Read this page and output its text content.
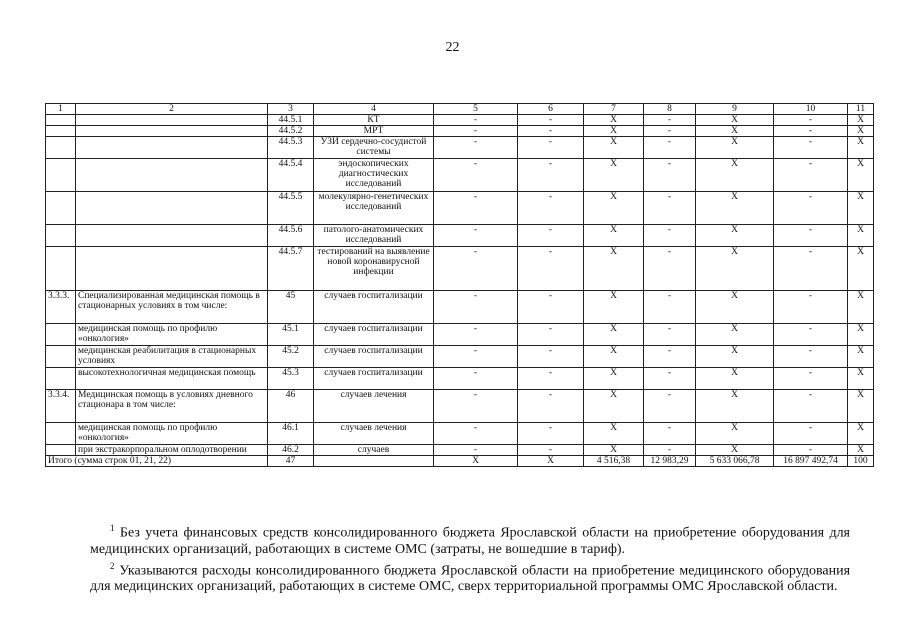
22
1	2	3	4	5	6	7	8	9	10	11
		44.5.1	КТ	-	-	X	-	X	-	X
		44.5.2	МРТ	-	-	X	-	X	-	X
		44.5.3	УЗИ сердечно-сосудистой системы	-	-	X	-	X	-	X
		44.5.4	эндоскопических диагностических исследований	-	-	X	-	X	-	X
		44.5.5	молекулярно-генетических исследований	-	-	X	-	X	-	X
		44.5.6	патолого-анатомических исследований	-	-	X	-	X	-	X
		44.5.7	тестирований на выявление новой коронавирусной инфекции	-	-	X	-	X	-	X
3.3.3.	Специализированная медицинская помощь в стационарных условиях в том числе:	45	случаев госпитализации	-	-	X	-	X	-	X
	медицинская помощь по профилю «онкология»	45.1	случаев госпитализации	-	-	X	-	X	-	X
	медицинская реабилитация в стационарных условиях	45.2	случаев госпитализации	-	-	X	-	X	-	X
	высокотехнологичная медицинская помощь	45.3	случаев госпитализации	-	-	X	-	X	-	X
3.3.4.	Медицинская помощь в условиях дневного стационара в том числе:	46	случаев лечения	-	-	X	-	X	-	X
	медицинская помощь по профилю «онкология»	46.1	случаев лечения	-	-	X	-	X	-	X
	при экстракорпоральном оплодотворении	46.2	случаев	-	-	X	-	X	-	X
Итого (сумма строк 01, 21, 22)		47		X	X	4 516,38	12 983,29	5 633 066,78	16 897 492,74	100

$^1$ Без учета финансовых средств консолидированного бюджета Ярославской области на приобретение оборудования для медицинских организаций, работающих в системе ОМС (затраты, не вошедшие в тариф).

$^2$ Указываются расходы консолидированного бюджета Ярославской области на приобретение медицинского оборудования для медицинских организаций, работающих в системе ОМС, сверх территориальной программы ОМС Ярославской области.
